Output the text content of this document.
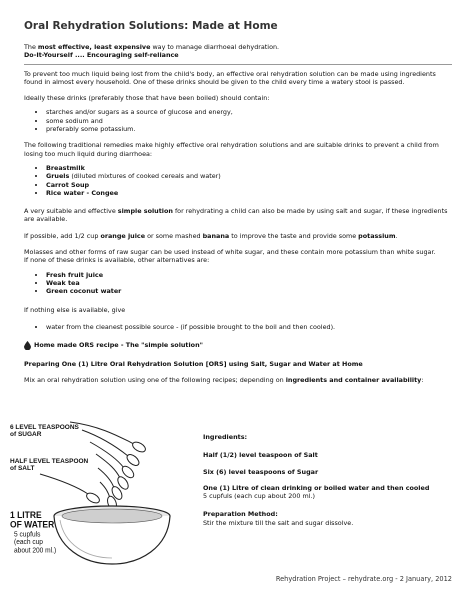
Oral Rehydration Solutions: Made at Home

The most effective, least expensive way to manage diarrhoeal dehydration.

Do-It-Yourself .... Encouraging self-reliance

To prevent too much liquid being lost from the child's body, an effective oral rehydration solution can be made using ingredients found in almost every household. One of these drinks should be given to the child every time a watery stool is passed.

Ideally these drinks (preferably those that have been boiled) should contain:

• starches and/or sugars as a source of glucose and energy,
• some sodium and
• preferably some potassium.

The following traditional remedies make highly effective oral rehydration solutions and are suitable drinks to prevent a child from losing too much liquid during diarrhoea:

• Breastmilk
• Gruels (diluted mixtures of cooked cereals and water)
• Carrot Soup
• Rice water - Congee

A very suitable and effective simple solution for rehydrating a child can also be made by using salt and sugar, if these ingredients are available.

If possible, add 1/2 cup orange juice or some mashed banana to improve the taste and provide some potassium.

Molasses and other forms of raw sugar can be used instead of white sugar, and these contain more potassium than white sugar.

If none of these drinks is available, other alternatives are:

• Fresh fruit juice
• Weak tea
• Green coconut water

If nothing else is available, give

• water from the cleanest possible source - (if possible brought to the boil and then cooled).
Home made ORS recipe - The "simple solution"

Preparing One (1) Litre Oral Rehydration Solution [ORS] using Salt, Sugar and Water at Home

Mix an oral rehydration solution using one of the following recipes; depending on ingredients and container availability:

6 LEVEL TEASPOONS
of SUGAR
HALF LEVEL TEASPOON
of SALT
1 LITRE
OF WATER
5 cupfuls
(each cup
about 200 ml.)

Ingredients:

Half (1/2) level teaspoon of Salt

Six (6) level teaspoons of Sugar

One (1) Litre of clean drinking or boiled water and then cooled

5 cupfuls (each cup about 200 ml.)

Preparation Method:

Stir the mixture till the salt and sugar dissolve.

Rehydration Project – rehydrate.org - 2 January, 2012
